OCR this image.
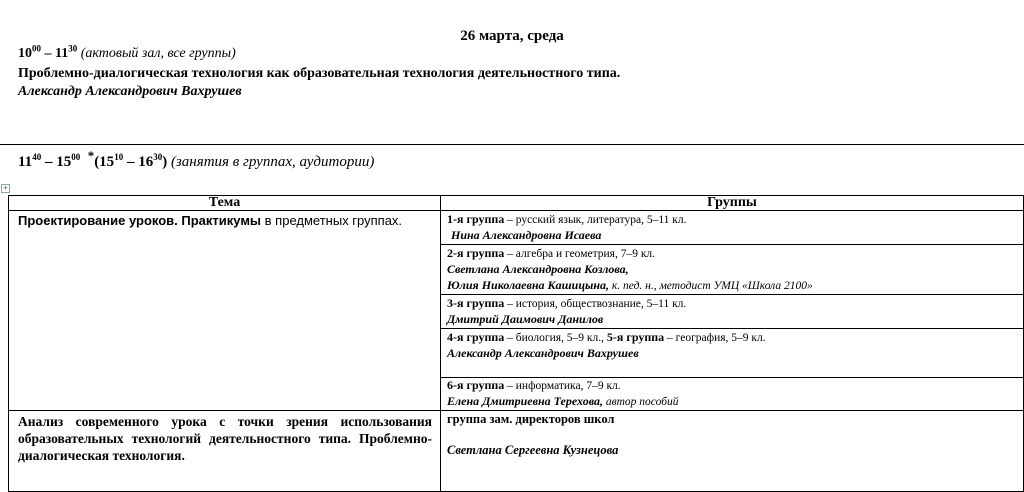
26 марта, среда
$10^{00} - 11^{30}$ (актовый зал, все группы)
Проблемно-диалогическая технология как образовательная технология деятельностного типа.
Александр Александрович Вахрушев
$11^{40} - 15^{00}$ $^*(15^{10} - 16^{30})$ (занятия в группах, аудитории)
+
Тема	Группы
Проектирование уроков. Практикумы в предметных группах.	1-я группа – русский язык, литература, 5–11 кл.
Нина Александровна Исаева
	2-я группа – алгебра и геометрия, 7–9 кл.
Светлана Александровна Козлова,
Юлия Николаевна Кашицына, к. пед. н., методист УМЦ «Школа 2100»
	3-я группа – история, обществознание, 5–11 кл.
Дмитрий Даимович Данилов
	4-я группа – биология, 5–9 кл., 5-я группа – география, 5–9 кл.
Александр Александрович Вахрушев
	6-я группа – информатика, 7–9 кл.
Елена Дмитриевна Терехова, автор пособий
Анализ современного урока с точки зрения использования образовательных технологий деятельностного типа. Проблемно-диалогическая технология.	группа зам. директоров школ

Светлана Сергеевна Кузнецова
